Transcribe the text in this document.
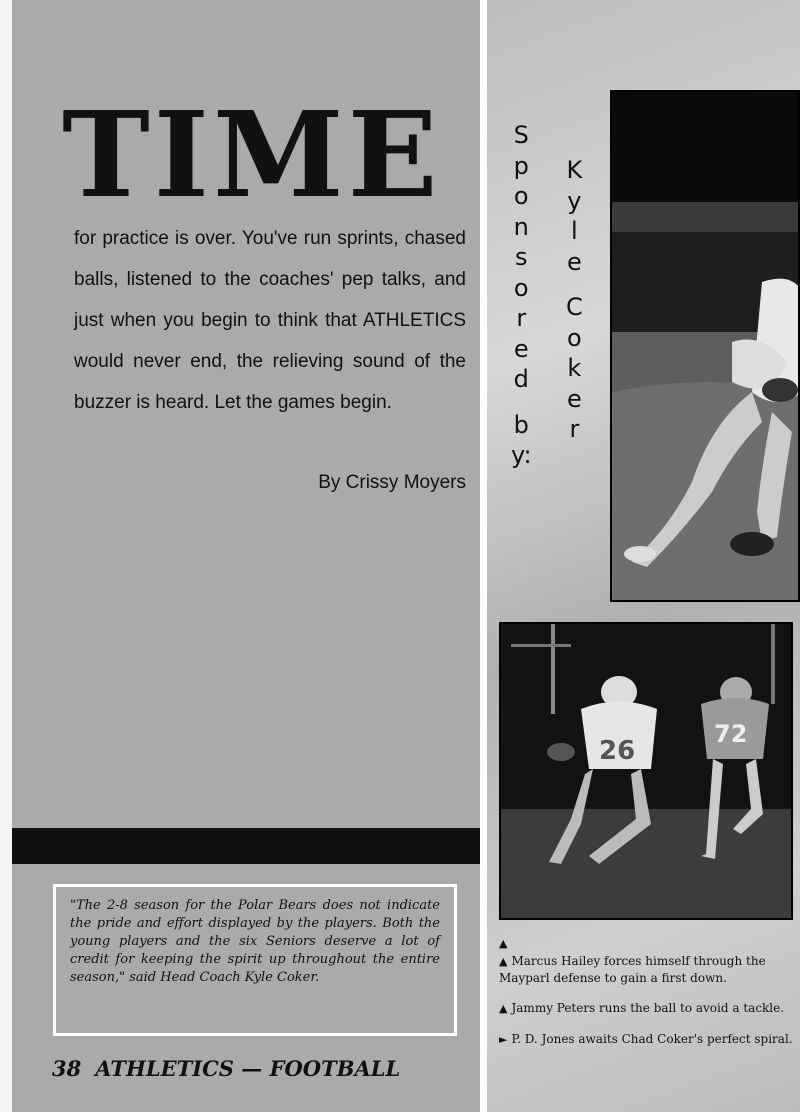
TIME

for practice is over. You've run sprints, chased balls, listened to the coaches' pep talks, and just when you begin to think that ATHLETICS would never end, the relieving sound of the buzzer is heard. Let the games begin.

By Crissy Moyers

"The 2-8 season for the Polar Bears does not indicate the pride and effort displayed by the players. Both the young players and the six Seniors deserve a lot of credit for keeping the spirit up throughout the entire season," said Head Coach Kyle Coker.

38 ATHLETICS — FOOTBALL
S
p
o
n
s
o
r
e
d
b
y:
K
y
l
e
C
o
k
e
r
26
72
▲

▲ Marcus Hailey forces himself through the Mayparl defense to gain a first down.

▲ Jammy Peters runs the ball to avoid a tackle.

► P. D. Jones awaits Chad Coker's perfect spiral.
